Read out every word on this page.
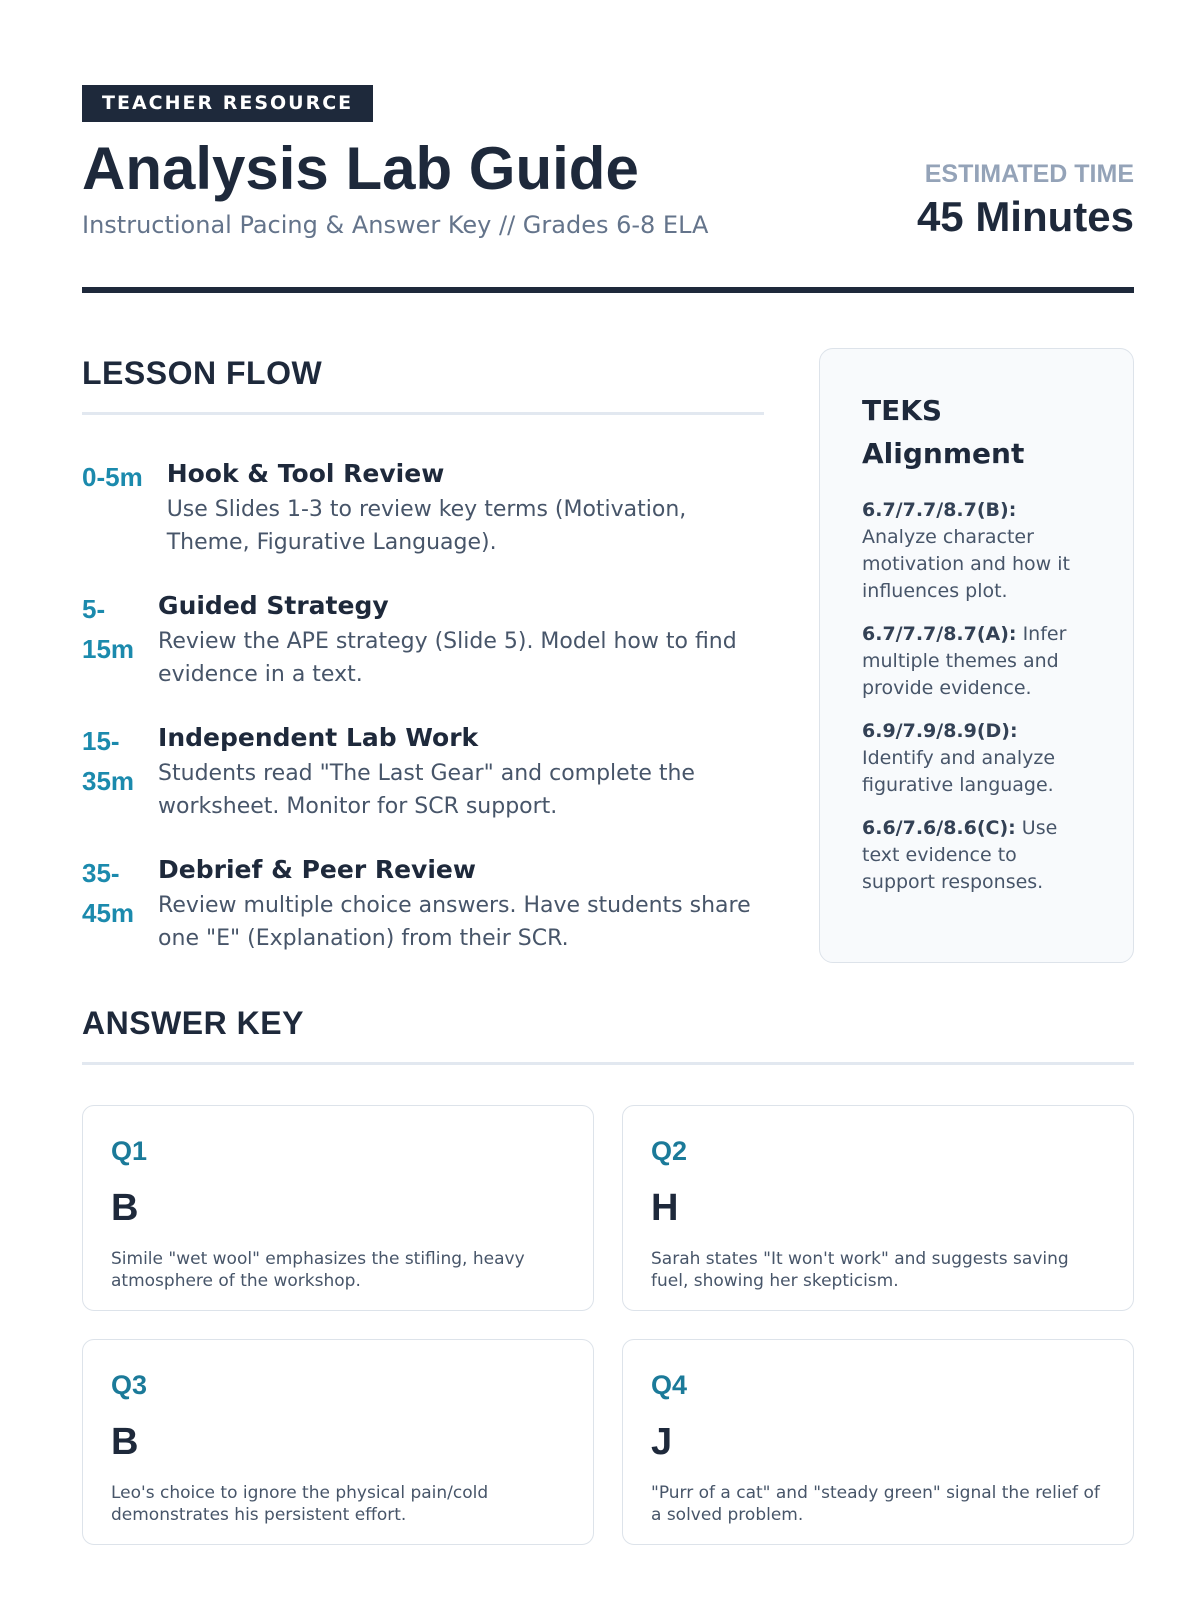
TEACHER RESOURCE
Analysis Lab Guide
Instructional Pacing & Answer Key // Grades 6-8 ELA
ESTIMATED TIME
45 Minutes
LESSON FLOW
0-5m Hook & Tool Review
Use Slides 1-3 to review key terms (Motivation, Theme, Figurative Language).
5-
15m
Guided Strategy
Review the APE strategy (Slide 5). Model how to find evidence in a text.
15-
35m
Independent Lab Work
Students read "The Last Gear" and complete the worksheet. Monitor for SCR support.
35-
45m
Debrief & Peer Review
Review multiple choice answers. Have students share one "E" (Explanation) from their SCR.
TEKS Alignment
6.7/7.7/8.7(B): Analyze character motivation and how it influences plot.
6.7/7.7/8.7(A): Infer multiple themes and provide evidence.
6.9/7.9/8.9(D): Identify and analyze figurative language.
6.6/7.6/8.6(C): Use text evidence to support responses.
ANSWER KEY
Q1
B
Simile "wet wool" emphasizes the stifling, heavy atmosphere of the workshop.
Q2
H
Sarah states "It won't work" and suggests saving fuel, showing her skepticism.
Q3
B
Leo's choice to ignore the physical pain/cold demonstrates his persistent effort.
Q4
J
"Purr of a cat" and "steady green" signal the relief of a solved problem.
